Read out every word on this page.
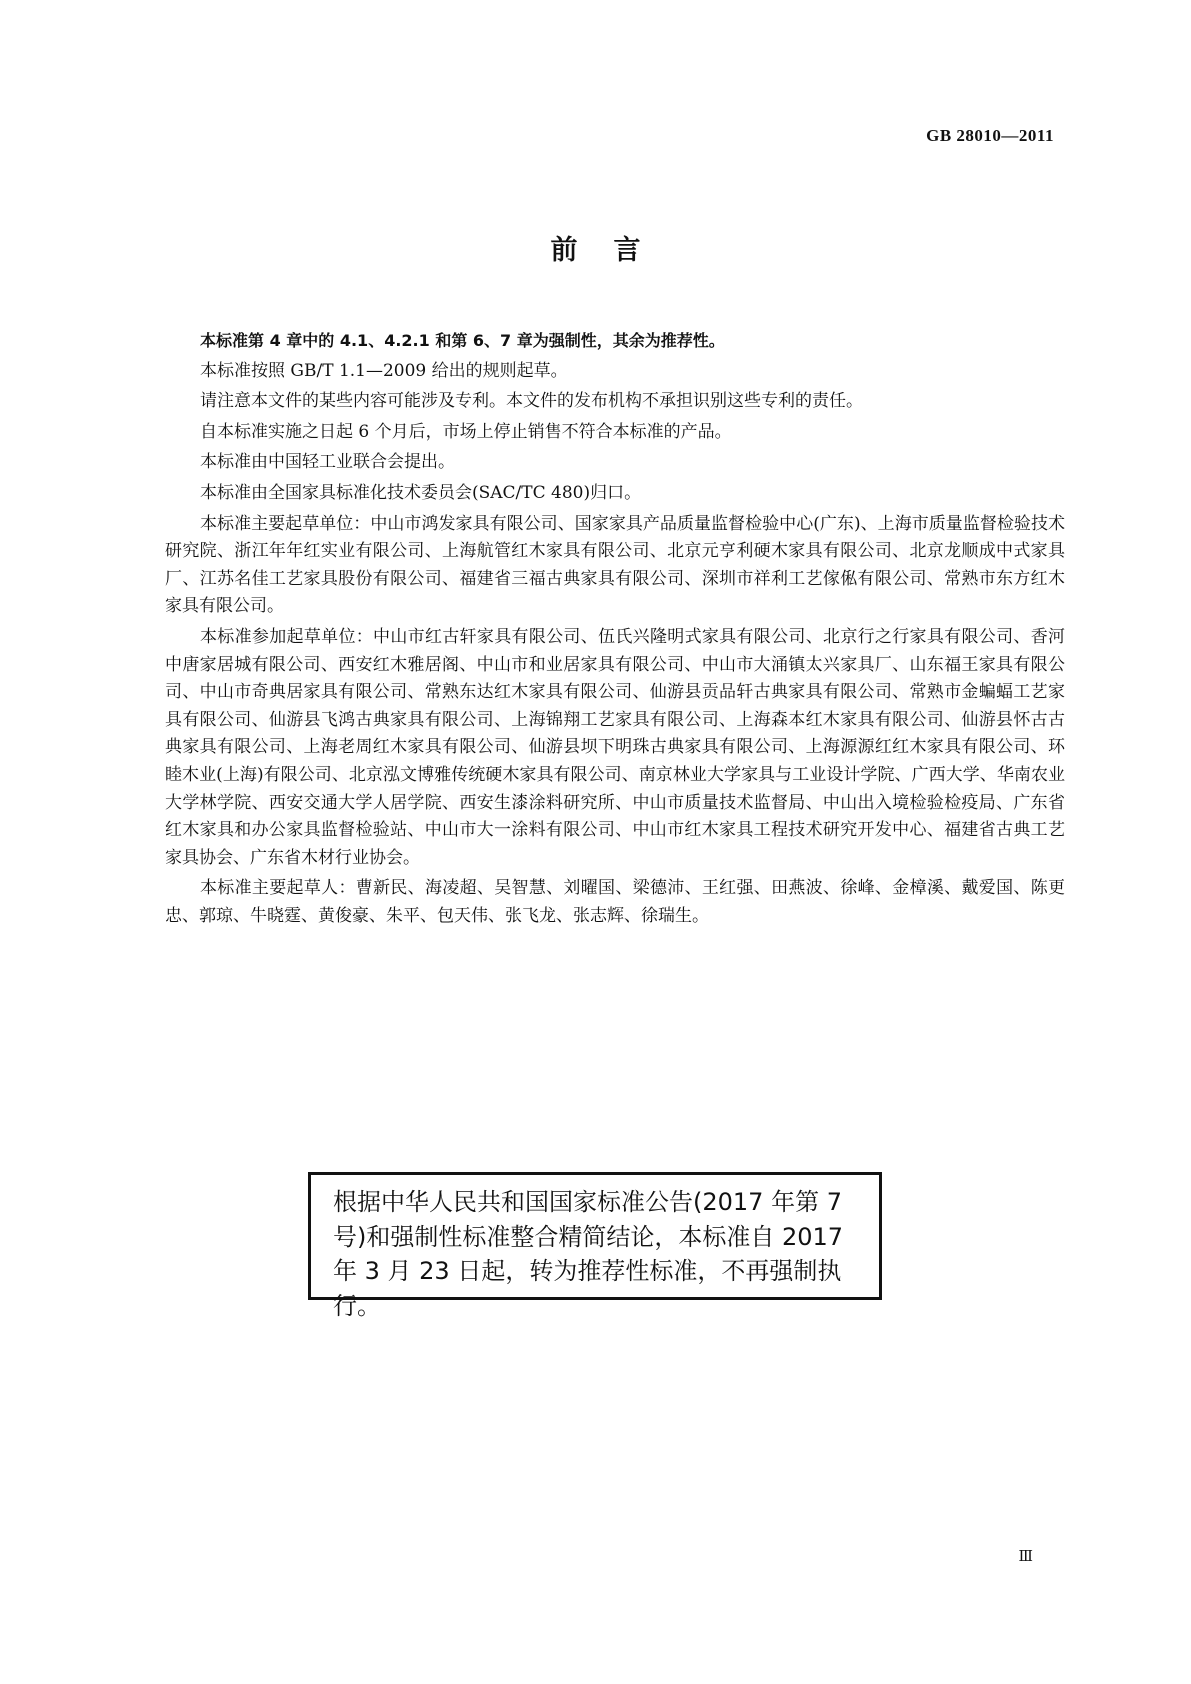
GB 28010—2011
前言

本标准第 4 章中的 4.1、4.2.1 和第 6、7 章为强制性，其余为推荐性。

本标准按照 GB/T 1.1—2009 给出的规则起草。

请注意本文件的某些内容可能涉及专利。本文件的发布机构不承担识别这些专利的责任。

自本标准实施之日起 6 个月后，市场上停止销售不符合本标准的产品。

本标准由中国轻工业联合会提出。

本标准由全国家具标准化技术委员会(SAC/TC 480)归口。

本标准主要起草单位：中山市鸿发家具有限公司、国家家具产品质量监督检验中心(广东)、上海市质量监督检验技术研究院、浙江年年红实业有限公司、上海航管红木家具有限公司、北京元亨利硬木家具有限公司、北京龙顺成中式家具厂、江苏名佳工艺家具股份有限公司、福建省三福古典家具有限公司、深圳市祥利工艺傢俬有限公司、常熟市东方红木家具有限公司。

本标准参加起草单位：中山市红古轩家具有限公司、伍氏兴隆明式家具有限公司、北京行之行家具有限公司、香河中唐家居城有限公司、西安红木雅居阁、中山市和业居家具有限公司、中山市大涌镇太兴家具厂、山东福王家具有限公司、中山市奇典居家具有限公司、常熟东达红木家具有限公司、仙游县贡品轩古典家具有限公司、常熟市金蝙蝠工艺家具有限公司、仙游县飞鸿古典家具有限公司、上海锦翔工艺家具有限公司、上海森本红木家具有限公司、仙游县怀古古典家具有限公司、上海老周红木家具有限公司、仙游县坝下明珠古典家具有限公司、上海源源红红木家具有限公司、环睦木业(上海)有限公司、北京泓文博雅传统硬木家具有限公司、南京林业大学家具与工业设计学院、广西大学、华南农业大学林学院、西安交通大学人居学院、西安生漆涂料研究所、中山市质量技术监督局、中山出入境检验检疫局、广东省红木家具和办公家具监督检验站、中山市大一涂料有限公司、中山市红木家具工程技术研究开发中心、福建省古典工艺家具协会、广东省木材行业协会。

本标准主要起草人：曹新民、海凌超、吴智慧、刘曜国、梁德沛、王红强、田燕波、徐峰、金樟溪、戴爱国、陈更忠、郭琼、牛晓霆、黄俊豪、朱平、包天伟、张飞龙、张志辉、徐瑞生。

根据中华人民共和国国家标准公告(2017 年第 7 号)和强制性标准整合精简结论，本标准自 2017 年 3 月 23 日起，转为推荐性标准，不再强制执行。
Ⅲ
